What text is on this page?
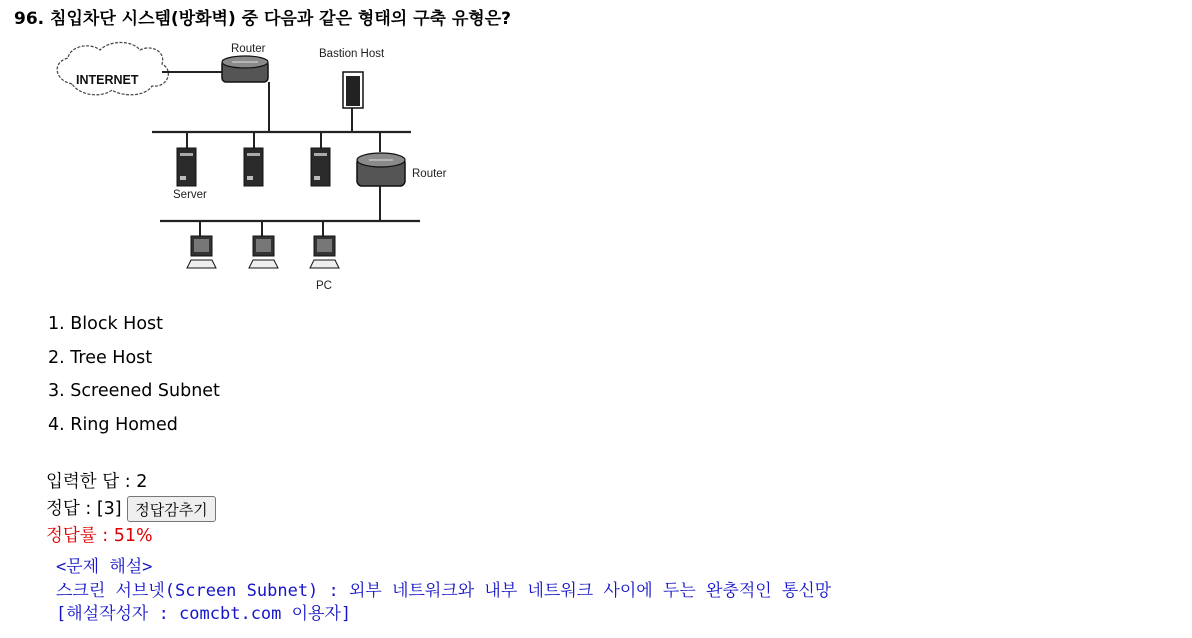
96. 침입차단 시스템(방화벽) 중 다음과 같은 형태의 구축 유형은?
INTERNET
Router	Bastion Host
Server
Router
PC
1. Block Host
2. Tree Host
3. Screened Subnet
4. Ring Homed
입력한 답 : 2
정답 : [3] 정답감추기
정답률 : 51%
<문제 해설>
스크린 서브넷(Screen Subnet) : 외부 네트워크와 내부 네트워크 사이에 두는 완충적인 통신망
[해설작성자 : comcbt.com 이용자]
